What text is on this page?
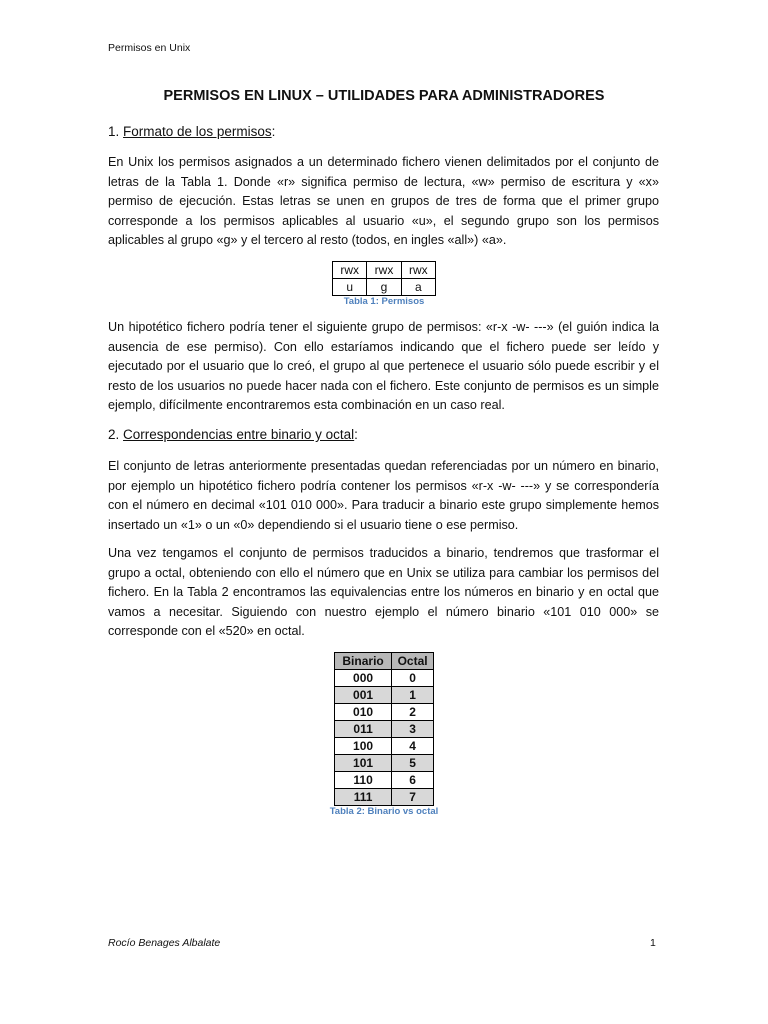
Permisos en Unix
PERMISOS EN LINUX – UTILIDADES PARA ADMINISTRADORES
1. Formato de los permisos:

En Unix los permisos asignados a un determinado fichero vienen delimitados por el conjunto de letras de la Tabla 1. Donde «r» significa permiso de lectura, «w» permiso de escritura y «x» permiso de ejecución. Estas letras se unen en grupos de tres de forma que el primer grupo corresponde a los permisos aplicables al usuario «u», el segundo grupo son los permisos aplicables al grupo «g» y el tercero al resto (todos, en ingles «all») «a».

rwx	rwx	rwx
u	g	a
Tabla 1: Permisos

Un hipotético fichero podría tener el siguiente grupo de permisos: «r-x -w- ---» (el guión indica la ausencia de ese permiso). Con ello estaríamos indicando que el fichero puede ser leído y ejecutado por el usuario que lo creó, el grupo al que pertenece el usuario sólo puede escribir y el resto de los usuarios no puede hacer nada con el fichero. Este conjunto de permisos es un simple ejemplo, difícilmente encontraremos esta combinación en un caso real.

2. Correspondencias entre binario y octal:

El conjunto de letras anteriormente presentadas quedan referenciadas por un número en binario, por ejemplo un hipotético fichero podría contener los permisos «r-x -w- ---» y se correspondería con el número en decimal «101 010 000». Para traducir a binario este grupo simplemente hemos insertado un «1» o un «0» dependiendo si el usuario tiene o ese permiso.

Una vez tengamos el conjunto de permisos traducidos a binario, tendremos que trasformar el grupo a octal, obteniendo con ello el número que en Unix se utiliza para cambiar los permisos del fichero. En la Tabla 2 encontramos las equivalencias entre los números en binario y en octal que vamos a necesitar. Siguiendo con nuestro ejemplo el número binario «101 010 000» se corresponde con el «520» en octal.

Binario	Octal
000	0
001	1
010	2
011	3
100	4
101	5
110	6
111	7
Tabla 2: Binario vs octal
Rocío Benages Albalate	1
